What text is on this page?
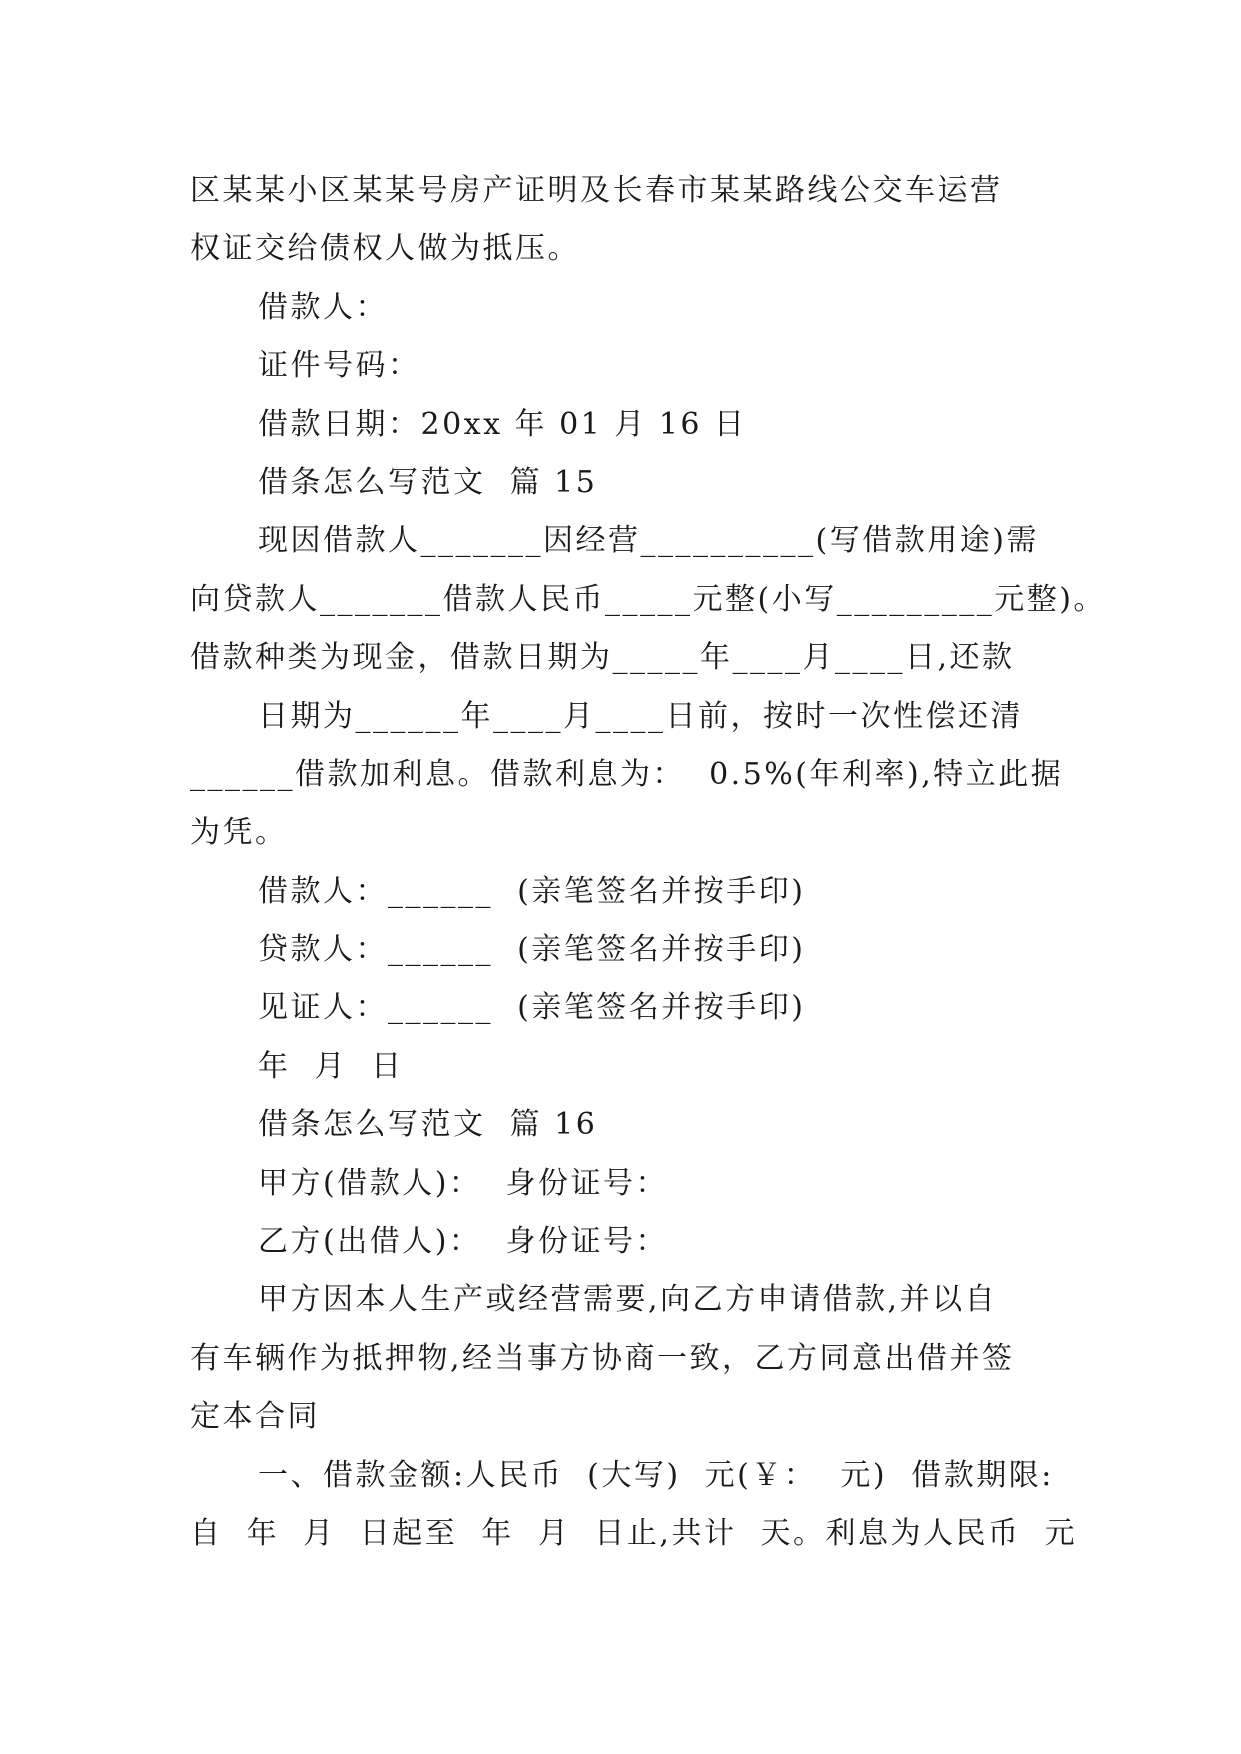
区某某小区某某号房产证明及长春市某某路线公交车运营
权证交给债权人做为抵压。
借款人：
证件号码：
借款日期：20xx 年 01 月 16 日
借条怎么写范文  篇 15
现因借款人_______因经营__________(写借款用途)需
向贷款人_______借款人民币_____元整(小写_________元整)。
借款种类为现金，借款日期为_____年____月____日,还款
日期为______年____月____日前，按时一次性偿还清
______借款加利息。借款利息为：  0.5%(年利率),特立此据
为凭。
借款人：______  (亲笔签名并按手印)
贷款人：______  (亲笔签名并按手印)
见证人：______  (亲笔签名并按手印)
年  月  日
借条怎么写范文  篇 16
甲方(借款人)：  身份证号：
乙方(出借人)：  身份证号：
甲方因本人生产或经营需要,向乙方申请借款,并以自
有车辆作为抵押物,经当事方协商一致，乙方同意出借并签
定本合同
一、借款金额:人民币  (大写)  元(￥：  元)  借款期限:
自  年  月  日起至  年  月  日止,共计  天。利息为人民币  元
